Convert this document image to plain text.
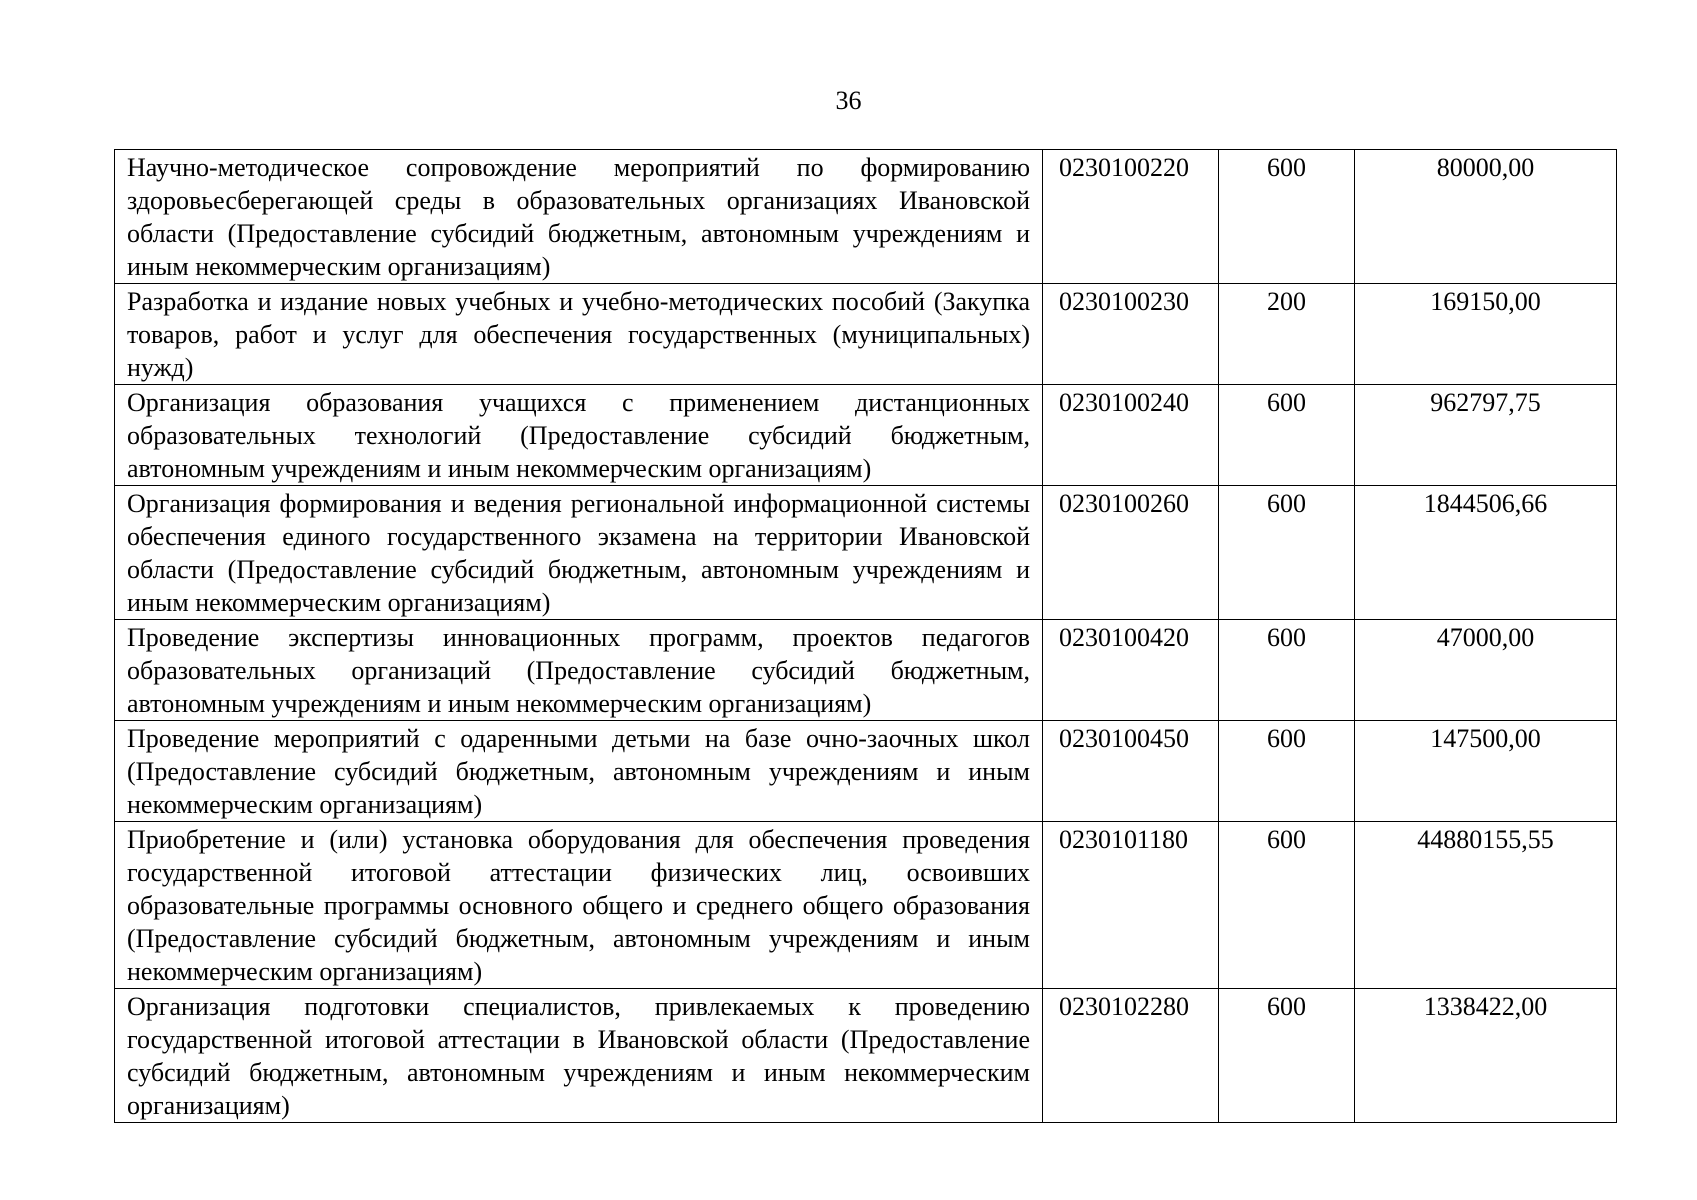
36
Научно-методическое сопровождение мероприятий по формированию здоровьесберегающей среды в образовательных организациях Ивановской области (Предоставление субсидий бюджетным, автономным учреждениям и иным некоммерческим организациям)	0230100220	600	80000,00
Разработка и издание новых учебных и учебно-методических пособий (Закупка товаров, работ и услуг для обеспечения государственных (муниципальных) нужд)	0230100230	200	169150,00
Организация образования учащихся с применением дистанционных образовательных технологий (Предоставление субсидий бюджетным, автономным учреждениям и иным некоммерческим организациям)	0230100240	600	962797,75
Организация формирования и ведения региональной информационной системы обеспечения единого государственного экзамена на территории Ивановской области (Предоставление субсидий бюджетным, автономным учреждениям и иным некоммерческим организациям)	0230100260	600	1844506,66
Проведение экспертизы инновационных программ, проектов педагогов образовательных организаций (Предоставление субсидий бюджетным, автономным учреждениям и иным некоммерческим организациям)	0230100420	600	47000,00
Проведение мероприятий с одаренными детьми на базе очно-заочных школ (Предоставление субсидий бюджетным, автономным учреждениям и иным некоммерческим организациям)	0230100450	600	147500,00
Приобретение и (или) установка оборудования для обеспечения проведения государственной итоговой аттестации физических лиц, освоивших образовательные программы основного общего и среднего общего образования (Предоставление субсидий бюджетным, автономным учреждениям и иным некоммерческим организациям)	0230101180	600	44880155,55
Организация подготовки специалистов, привлекаемых к проведению государственной итоговой аттестации в Ивановской области (Предоставление субсидий бюджетным, автономным учреждениям и иным некоммерческим организациям)	0230102280	600	1338422,00
